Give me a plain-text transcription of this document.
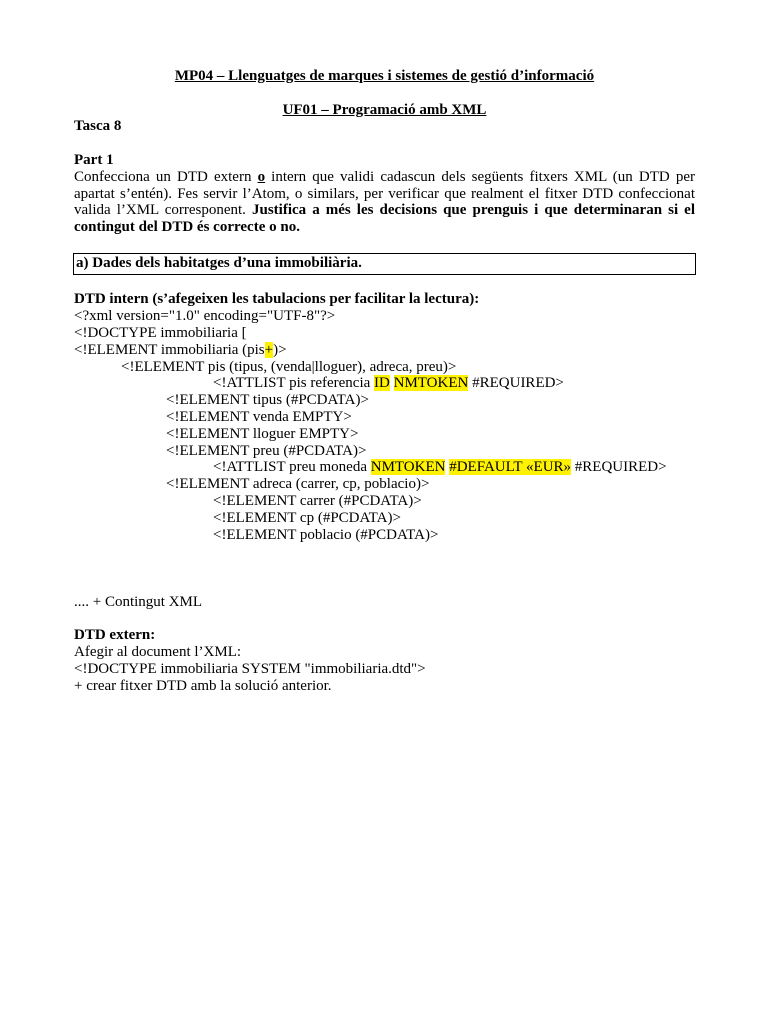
MP04 – Llenguatges de marques i sistemes de gestió d’informació

UF01 – Programació amb XML

Tasca 8

Part 1

Confecciona un DTD extern o intern que validi cadascun dels següents fitxers XML (un DTD per apartat s’entén). Fes servir l’Atom, o similars, per verificar que realment el fitxer DTD confeccionat valida l’XML corresponent. Justifica a més les decisions que prenguis i que determinaran si el contingut del DTD és correcte o no.

a) Dades dels habitatges d’una immobiliària.

DTD intern (s’afegeixen les tabulacions per facilitar la lectura):

<?xml version="1.0" encoding="UTF-8"?>

<!DOCTYPE immobiliaria [

<!ELEMENT immobiliaria (pis+)>

<!ELEMENT pis (tipus, (venda|lloguer), adreca, preu)>

<!ATTLIST pis referencia ID NMTOKEN #REQUIRED>

<!ELEMENT tipus (#PCDATA)>

<!ELEMENT venda EMPTY>

<!ELEMENT lloguer EMPTY>

<!ELEMENT preu (#PCDATA)>

<!ATTLIST preu moneda NMTOKEN #DEFAULT «EUR» #REQUIRED>

<!ELEMENT adreca (carrer, cp, poblacio)>

<!ELEMENT carrer (#PCDATA)>

<!ELEMENT cp (#PCDATA)>

<!ELEMENT poblacio (#PCDATA)>

.... + Contingut XML

DTD extern:

Afegir al document l’XML:

<!DOCTYPE immobiliaria SYSTEM "immobiliaria.dtd">

+ crear fitxer DTD amb la solució anterior.
